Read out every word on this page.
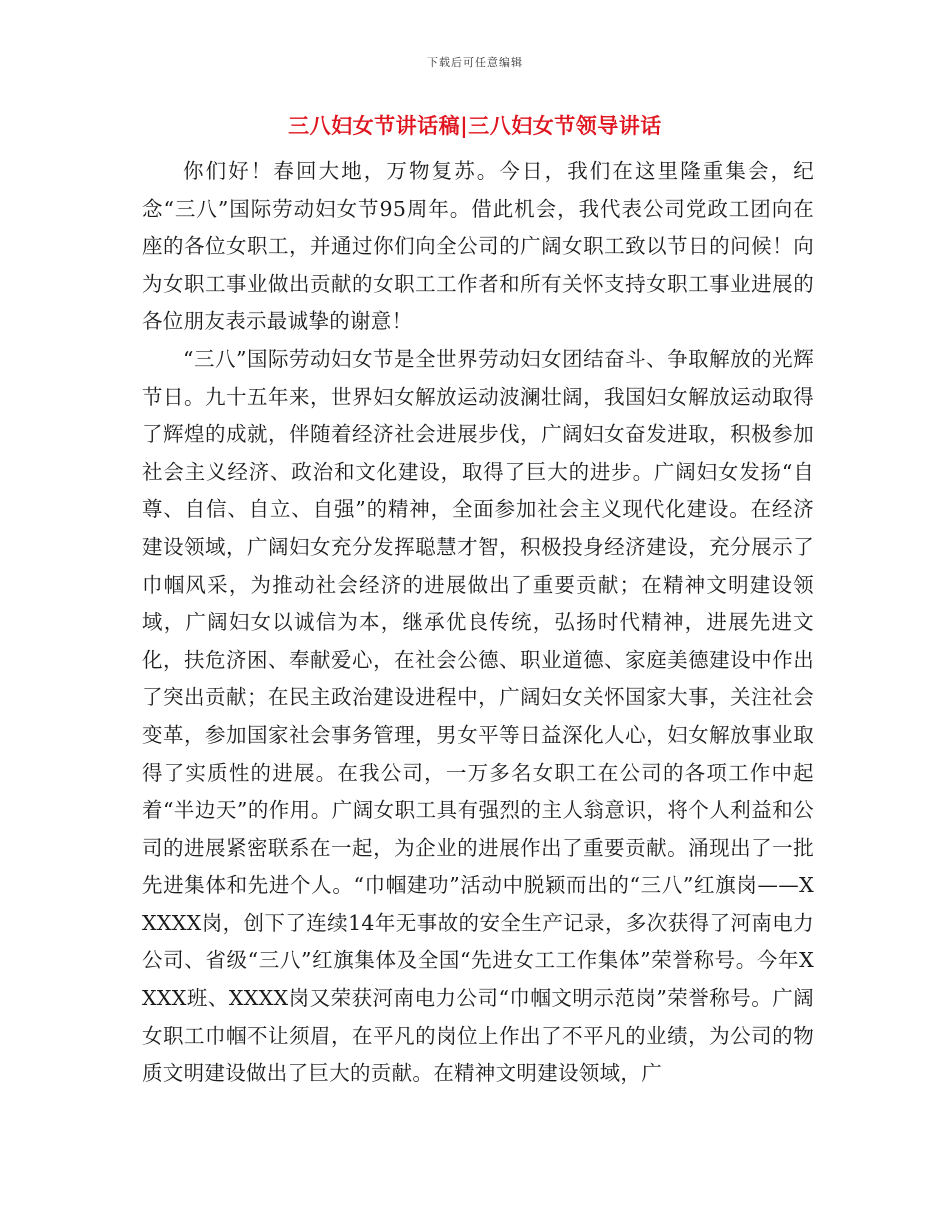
下载后可任意编辑
三八妇女节讲话稿|三八妇女节领导讲话

你们好！春回大地，万物复苏。今日，我们在这里隆重集会，纪念“三八”国际劳动妇女节95周年。借此机会，我代表公司党政工团向在座的各位女职工，并通过你们向全公司的广阔女职工致以节日的问候！向为女职工事业做出贡献的女职工工作者和所有关怀支持女职工事业进展的各位朋友表示最诚挚的谢意！

“三八”国际劳动妇女节是全世界劳动妇女团结奋斗、争取解放的光辉节日。九十五年来，世界妇女解放运动波澜壮阔，我国妇女解放运动取得了辉煌的成就，伴随着经济社会进展步伐，广阔妇女奋发进取，积极参加社会主义经济、政治和文化建设，取得了巨大的进步。广阔妇女发扬“自尊、自信、自立、自强”的精神，全面参加社会主义现代化建设。在经济建设领域，广阔妇女充分发挥聪慧才智，积极投身经济建设，充分展示了巾帼风采，为推动社会经济的进展做出了重要贡献；在精神文明建设领域，广阔妇女以诚信为本，继承优良传统，弘扬时代精神，进展先进文化，扶危济困、奉献爱心，在社会公德、职业道德、家庭美德建设中作出了突出贡献；在民主政治建设进程中，广阔妇女关怀国家大事，关注社会变革，参加国家社会事务管理，男女平等日益深化人心，妇女解放事业取得了实质性的进展。在我公司，一万多名女职工在公司的各项工作中起着“半边天”的作用。广阔女职工具有强烈的主人翁意识，将个人利益和公司的进展紧密联系在一起，为企业的进展作出了重要贡献。涌现出了一批先进集体和先进个人。“巾帼建功”活动中脱颖而出的“三八”红旗岗——XXXXX岗，创下了连续14年无事故的安全生产记录，多次获得了河南电力公司、省级“三八”红旗集体及全国“先进女工工作集体”荣誉称号。今年XXXX班、XXXX岗又荣获河南电力公司“巾帼文明示范岗”荣誉称号。广阔女职工巾帼不让须眉，在平凡的岗位上作出了不平凡的业绩，为公司的物质文明建设做出了巨大的贡献。在精神文明建设领域，广
